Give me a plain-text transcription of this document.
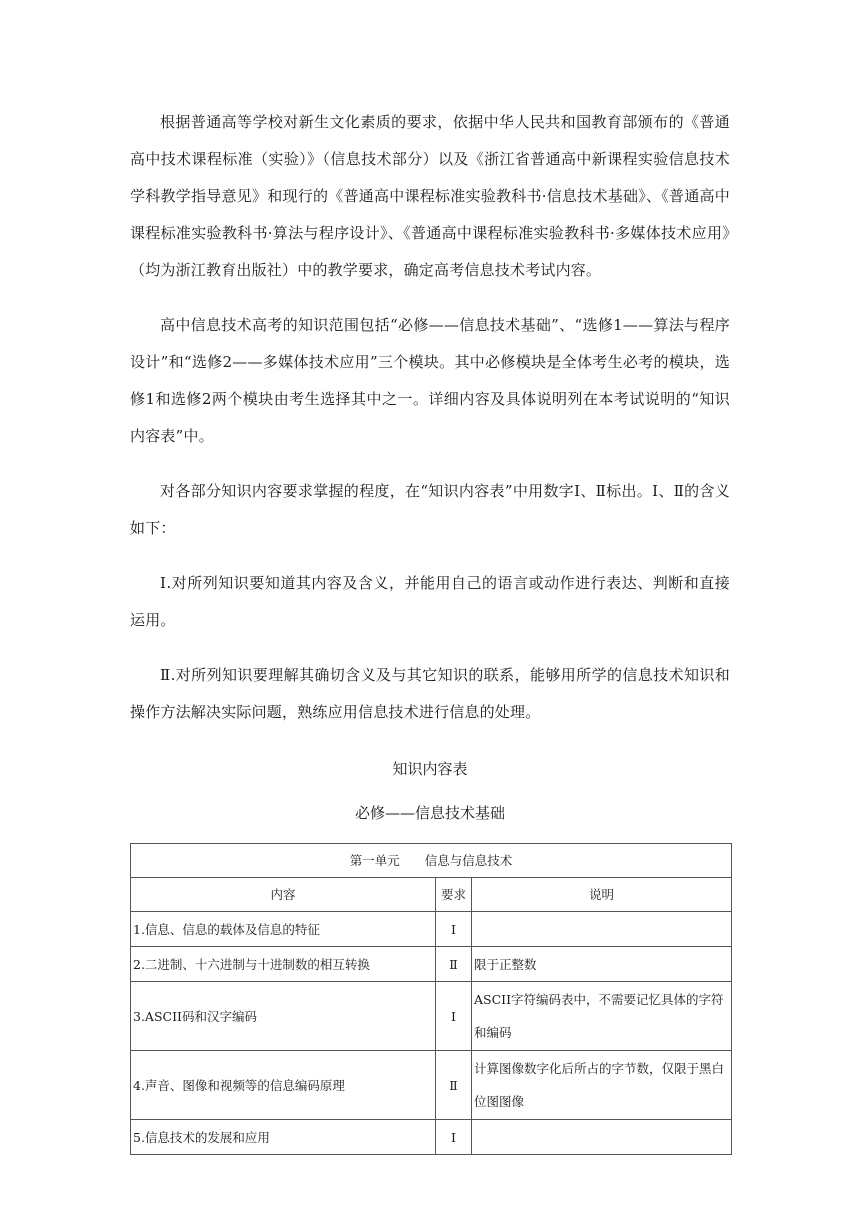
根据普通高等学校对新生文化素质的要求，依据中华人民共和国教育部颁布的《普通高中技术课程标准（实验）》（信息技术部分）以及《浙江省普通高中新课程实验信息技术学科教学指导意见》和现行的《普通高中课程标准实验教科书·信息技术基础》、《普通高中课程标准实验教科书·算法与程序设计》、《普通高中课程标准实验教科书·多媒体技术应用》（均为浙江教育出版社）中的教学要求，确定高考信息技术考试内容。

高中信息技术高考的知识范围包括“必修——信息技术基础”、“选修1——算法与程序设计”和“选修2——多媒体技术应用”三个模块。其中必修模块是全体考生必考的模块，选修1和选修2两个模块由考生选择其中之一。详细内容及具体说明列在本考试说明的“知识内容表”中。

对各部分知识内容要求掌握的程度，在“知识内容表”中用数字Ⅰ、Ⅱ标出。Ⅰ、Ⅱ的含义如下：

Ⅰ.对所列知识要知道其内容及含义，并能用自己的语言或动作进行表达、判断和直接运用。

Ⅱ.对所列知识要理解其确切含义及与其它知识的联系，能够用所学的信息技术知识和操作方法解决实际问题，熟练应用信息技术进行信息的处理。

知识内容表

必修——信息技术基础

第一单元　　信息与信息技术		
内容	要求	说明
1.信息、信息的载体及信息的特征	Ⅰ	
2.二进制、十六进制与十进制数的相互转换	Ⅱ	限于正整数
3.ASCII码和汉字编码	Ⅰ	ASCII字符编码表中，不需要记忆具体的字符和编码
4.声音、图像和视频等的信息编码原理	Ⅱ	计算图像数字化后所占的字节数，仅限于黑白位图图像
5.信息技术的发展和应用	Ⅰ	
